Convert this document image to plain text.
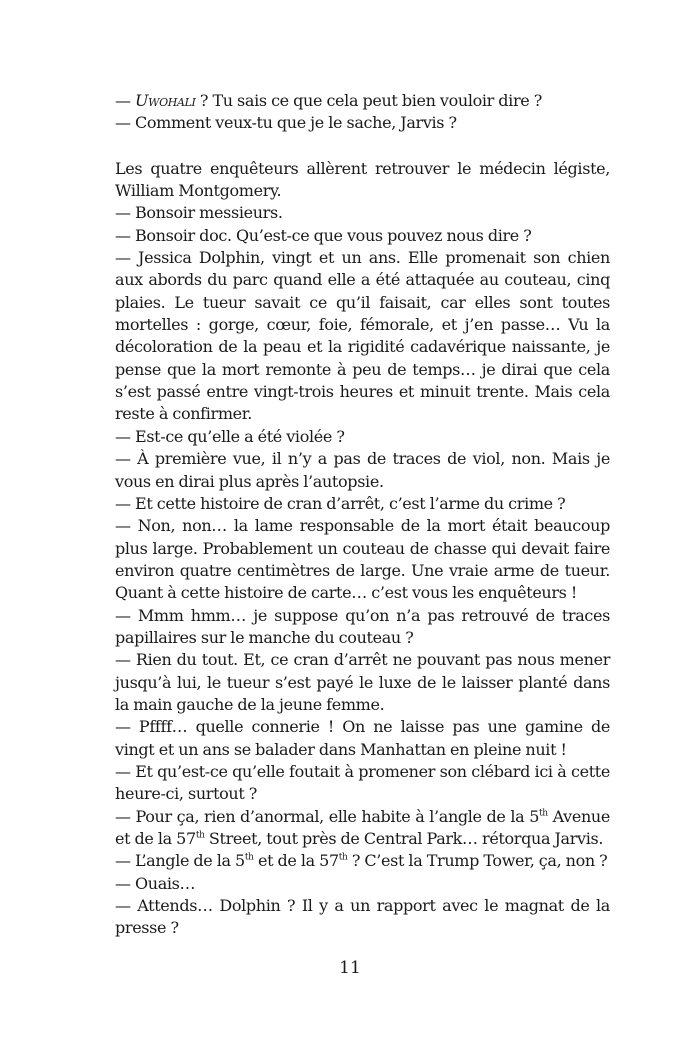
— Uwohali ? Tu sais ce que cela peut bien vouloir dire ?

— Comment veux-tu que je le sache, Jarvis ?

Les quatre enquêteurs allèrent retrouver le médecin légiste, William Montgomery.

— Bonsoir messieurs.

— Bonsoir doc. Qu’est-ce que vous pouvez nous dire ?

— Jessica Dolphin, vingt et un ans. Elle promenait son chien aux abords du parc quand elle a été attaquée au couteau, cinq plaies. Le tueur savait ce qu’il faisait, car elles sont toutes mortelles : gorge, cœur, foie, fémorale, et j’en passe… Vu la décoloration de la peau et la rigidité cadavérique naissante, je pense que la mort remonte à peu de temps… je dirai que cela s’est passé entre vingt-trois heures et minuit trente. Mais cela reste à confirmer.

— Est-ce qu’elle a été violée ?

— À première vue, il n’y a pas de traces de viol, non. Mais je vous en dirai plus après l’autopsie.

— Et cette histoire de cran d’arrêt, c’est l’arme du crime ?

— Non, non… la lame responsable de la mort était beaucoup plus large. Probablement un couteau de chasse qui devait faire environ quatre centimètres de large. Une vraie arme de tueur. Quant à cette histoire de carte… c’est vous les enquêteurs !

— Mmm hmm… je suppose qu’on n’a pas retrouvé de traces papillaires sur le manche du couteau ?

— Rien du tout. Et, ce cran d’arrêt ne pouvant pas nous mener jusqu’à lui, le tueur s’est payé le luxe de le laisser planté dans la main gauche de la jeune femme.

— Pffff… quelle connerie ! On ne laisse pas une gamine de vingt et un ans se balader dans Manhattan en pleine nuit !

— Et qu’est-ce qu’elle foutait à promener son clébard ici à cette heure-ci, surtout ?

— Pour ça, rien d’anormal, elle habite à l’angle de la 5th Avenue et de la 57th Street, tout près de Central Park… rétorqua Jarvis.

— L’angle de la 5th et de la 57th ? C’est la Trump Tower, ça, non ?

— Ouais…

— Attends… Dolphin ? Il y a un rapport avec le magnat de la presse ?

11
